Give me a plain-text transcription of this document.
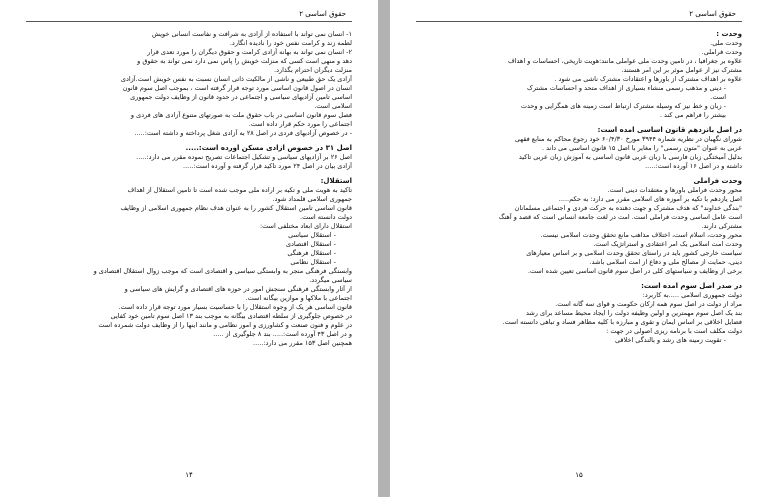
حقوق اساسی ۲
۱- انسان نمی تواند با استفاده از آزادی به شرافت و نفاست انسانی خویش
لطمه زند و کرامت نفس خود را نادیده انگارد.
۲- انسان نمی تواند به بهانه آزادی کرامت و حقوق دیگران را مورد تعدی قرار
دهد و منهی است کسی که منزلت خویش را پاس نمی دارد نمی تواند به حقوق و
منزلت دیگران احترام بگذارد.
آزادی یک حق طبیعی و ناشی از مالکیت ذاتی انسان نسبت به نفس خویش است.آزادی
انسان در اصول قانون اساسی مورد توجه قرار گرفته است ، بموجب اصل سوم قانون
اساسی تامین آزادیهای سیاسی و اجتماعی در حدود قانون از وظایف دولت جمهوری
اسلامی است.
فصل سوم قانون اساسی در باب حقوق ملت به صورتهای متنوع آزادی های فردی و
اجتماعی را مورد حکم قرار داده است.
- در خصوص آزادیهای فردی در اصل ۲۸ به آزادی شغل پرداخته و داشته است:.....
اصل ۳۱ در خصوص آزادی مسکن آورده است:.....
اصل ۲۶ بر آزادیهای سیاسی و تشکیل اجتماعات تصریح نموده مقرر می دارد:.....
آزادی بیان در اصل ۲۴ مورد تاکید قرار گرفته و آورده است:.....
استقلال:
تاکید به هویت ملی و تکیه بر اراده ملی موجب شده است تا تامین استقلال از اهداف
جمهوری اسلامی قلمداد شود.
قانون اساسی تامین استقلال کشور را به عنوان هدف نظام جمهوری اسلامی از وظایف
دولت دانسته است.
استقلال دارای ابعاد مختلفی است:
- استقلال سیاسی
- استقلال اقتصادی
- استقلال فرهنگی
- استقلال نظامی
وابستگی فرهنگی منجر به وابستگی سیاسی و اقتصادی است که موجب زوال استقلال اقتصادی و
سیاسی میگردد.
از آثار وابستگی فرهنگی سنجش امور در حوزه های اقتصادی و گرایش های سیاسی و
اجتماعی با ملاکها و موازین بیگانه است.
قانون اساسی هر یک از وجوه استقلال را با حساسیت بسیار مورد توجه قرار داده است.
در خصوص جلوگیری از سلطه اقتصادی بیگانه به موجب بند ۱۳ اصل سوم تامین خود کفایی
در علوم و فنون صنعت و کشاورزی و امور نظامی و مانند اینها را از وظایف دولت شمرده است
و در اصل ۴۳ آورده است:..... بند ۸ جلوگیری از .....
همچنین اصل ۱۵۳ مقرر می دارد:.....
۱۴
حقوق اساسی ۲
وحدت :
وحدت ملی.
وحدت فراملی.
علاوه بر جغرافیا ، در تامین وحدت ملی عواملی مانند:هویت تاریخی، احساسات و اهداف
مشترک نیز از عوامل موثر بر این امر هستند.
علاوه بر اهداف مشترک از باورها و اعتقادات مشترک ناشی می شود .
- دینی و مذهب رسمی منشاء بسیاری از اهداف متحد و احساسات مشترک
است.
- زبان و خط نیز که وسیله مشترک ارتباط است زمینه های همگرایی و وحدت
بیشتر را فراهم می کند .
در اصل بانزدهم قانون اساسی آمده است:
شورای نگهبان در نظریه شماره ۳۹۴۴ مورخ ۶۰/۴/۳۰ خود رجوع محاکم به منابع فقهی
عربی به عنوان "متون رسمی" را مغایر با اصل ۱۵ قانون اساسی می داند .
بدلیل آمیختگی زبان فارسی با زبان عربی قانون اساسی به آموزش زبان عربی تاکید
داشته و در اصل ۱۶ آورده است:.....
وحدت فراملی
محور وحدت فراملی باورها و معتقدات دینی است.
اصل یازدهم با تکیه بر آموزه های اسلامی مقرر می دارد: به حکم.....
"بندگی خداوند" که هدف مشترک و جهت دهنده به حرکت فردی و اجتماعی مسلمانان
است عامل اساسی وحدت فراملی است. امت در لغت جامعه انسانی است که قصد و آهنگ
مشترکی دارند.
محور وحدت، اسلام است، اختلاف مذاهب مانع تحقق وحدت اسلامی نیست.
وحدت امت اسلامی یک امر اعتقادی و استراتژیک است.
سیاست خارجی کشور باید در راستای تحقق وحدت اسلامی و بر اساس معیارهای
دینی، حمایت از مصالح ملی و دفاع از امت اسلامی باشد.
برخی از وظایف و سیاستهای کلی در اصل سوم قانون اساسی تعیین شده است.
در صدر اصل سوم آمده است:
دولت جمهوری اسلامی .....به کاربرد:
مراد از دولت در اصل سوم همه ارکان حکومت و قوای سه گانه است.
بند یک اصل سوم مهمترین و اولین وظیفه دولت را ایجاد محیط مساعد برای رشد
فضایل اخلاقی بر اساس ایمان و تقوی و مبارزه با کلیه مظاهر فساد و تباهی دانسته است.
دولت مکلف است با برنامه ریزی اصولی در جهت :
- تقویت زمینه های رشد و بالندگی اخلاقی
۱۵
